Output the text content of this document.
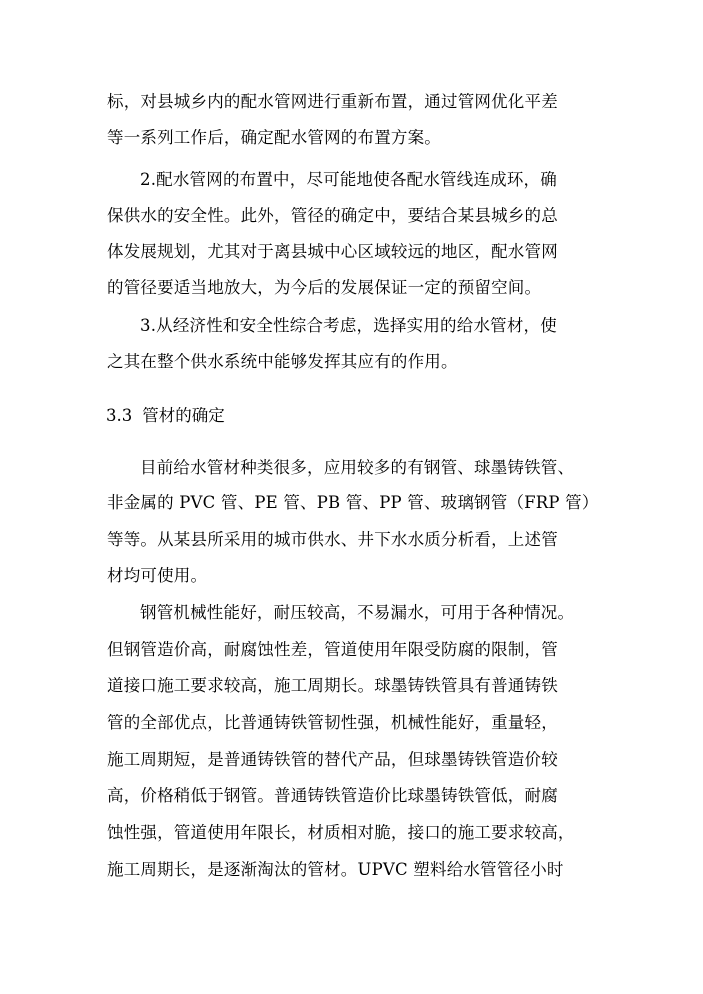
标，对县城乡内的配水管网进行重新布置，通过管网优化平差
等一系列工作后，确定配水管网的布置方案。
2.配水管网的布置中，尽可能地使各配水管线连成环，确
保供水的安全性。此外，管径的确定中，要结合某县城乡的总
体发展规划，尤其对于离县城中心区域较远的地区，配水管网
的管径要适当地放大，为今后的发展保证一定的预留空间。
3.从经济性和安全性综合考虑，选择实用的给水管材，使
之其在整个供水系统中能够发挥其应有的作用。
3.3 管材的确定
目前给水管材种类很多，应用较多的有钢管、球墨铸铁管、
非金属的 PVC 管、PE 管、PB 管、PP 管、玻璃钢管（FRP 管）
等等。从某县所采用的城市供水、井下水水质分析看，上述管
材均可使用。
钢管机械性能好，耐压较高，不易漏水，可用于各种情况。
但钢管造价高，耐腐蚀性差，管道使用年限受防腐的限制，管
道接口施工要求较高，施工周期长。球墨铸铁管具有普通铸铁
管的全部优点，比普通铸铁管韧性强，机械性能好，重量轻，
施工周期短，是普通铸铁管的替代产品，但球墨铸铁管造价较
高，价格稍低于钢管。普通铸铁管造价比球墨铸铁管低，耐腐
蚀性强，管道使用年限长，材质相对脆，接口的施工要求较高，
施工周期长，是逐渐淘汰的管材。UPVC 塑料给水管管径小时
